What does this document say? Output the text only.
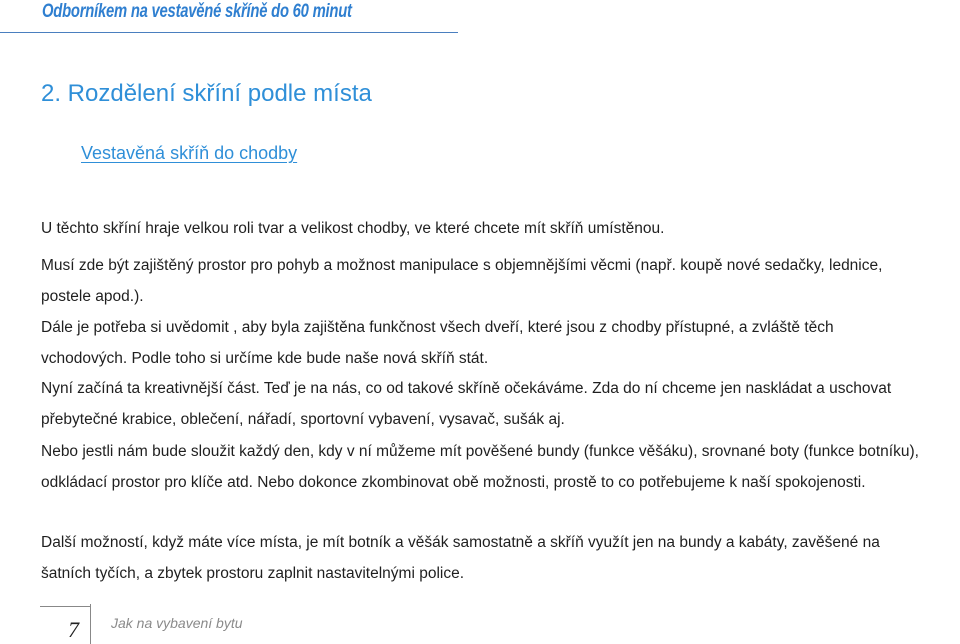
Odborníkem na vestavěné skříně do 60 minut
2. Rozdělení skříní podle místa
Vestavěná skříň do chodby

U těchto skříní hraje velkou roli tvar a velikost chodby, ve které chcete mít skříň umístěnou.

Musí zde být zajištěný prostor pro pohyb a možnost manipulace s objemnějšími věcmi (např. koupě nové sedačky, lednice, postele apod.).

Dále je potřeba si uvědomit , aby byla zajištěna funkčnost všech dveří, které jsou z chodby přístupné, a zvláště těch vchodových. Podle toho si určíme kde bude naše nová skříň stát.

Nyní začíná ta kreativnější část. Teď je na nás, co od takové skříně očekáváme. Zda do ní chceme jen naskládat a uschovat přebytečné krabice, oblečení, nářadí, sportovní vybavení, vysavač, sušák aj.

Nebo jestli nám bude sloužit každý den, kdy v ní můžeme mít pověšené bundy (funkce věšáku), srovnané boty (funkce botníku), odkládací prostor pro klíče atd. Nebo dokonce zkombinovat obě možnosti, prostě to co potřebujeme k naší spokojenosti.

Další možností, když máte více místa, je mít botník a věšák samostatně a skříň využít jen na bundy a kabáty, zavěšené na šatních tyčích, a zbytek prostoru zaplnit nastavitelnými police.

7 Jak na vybavení bytu
